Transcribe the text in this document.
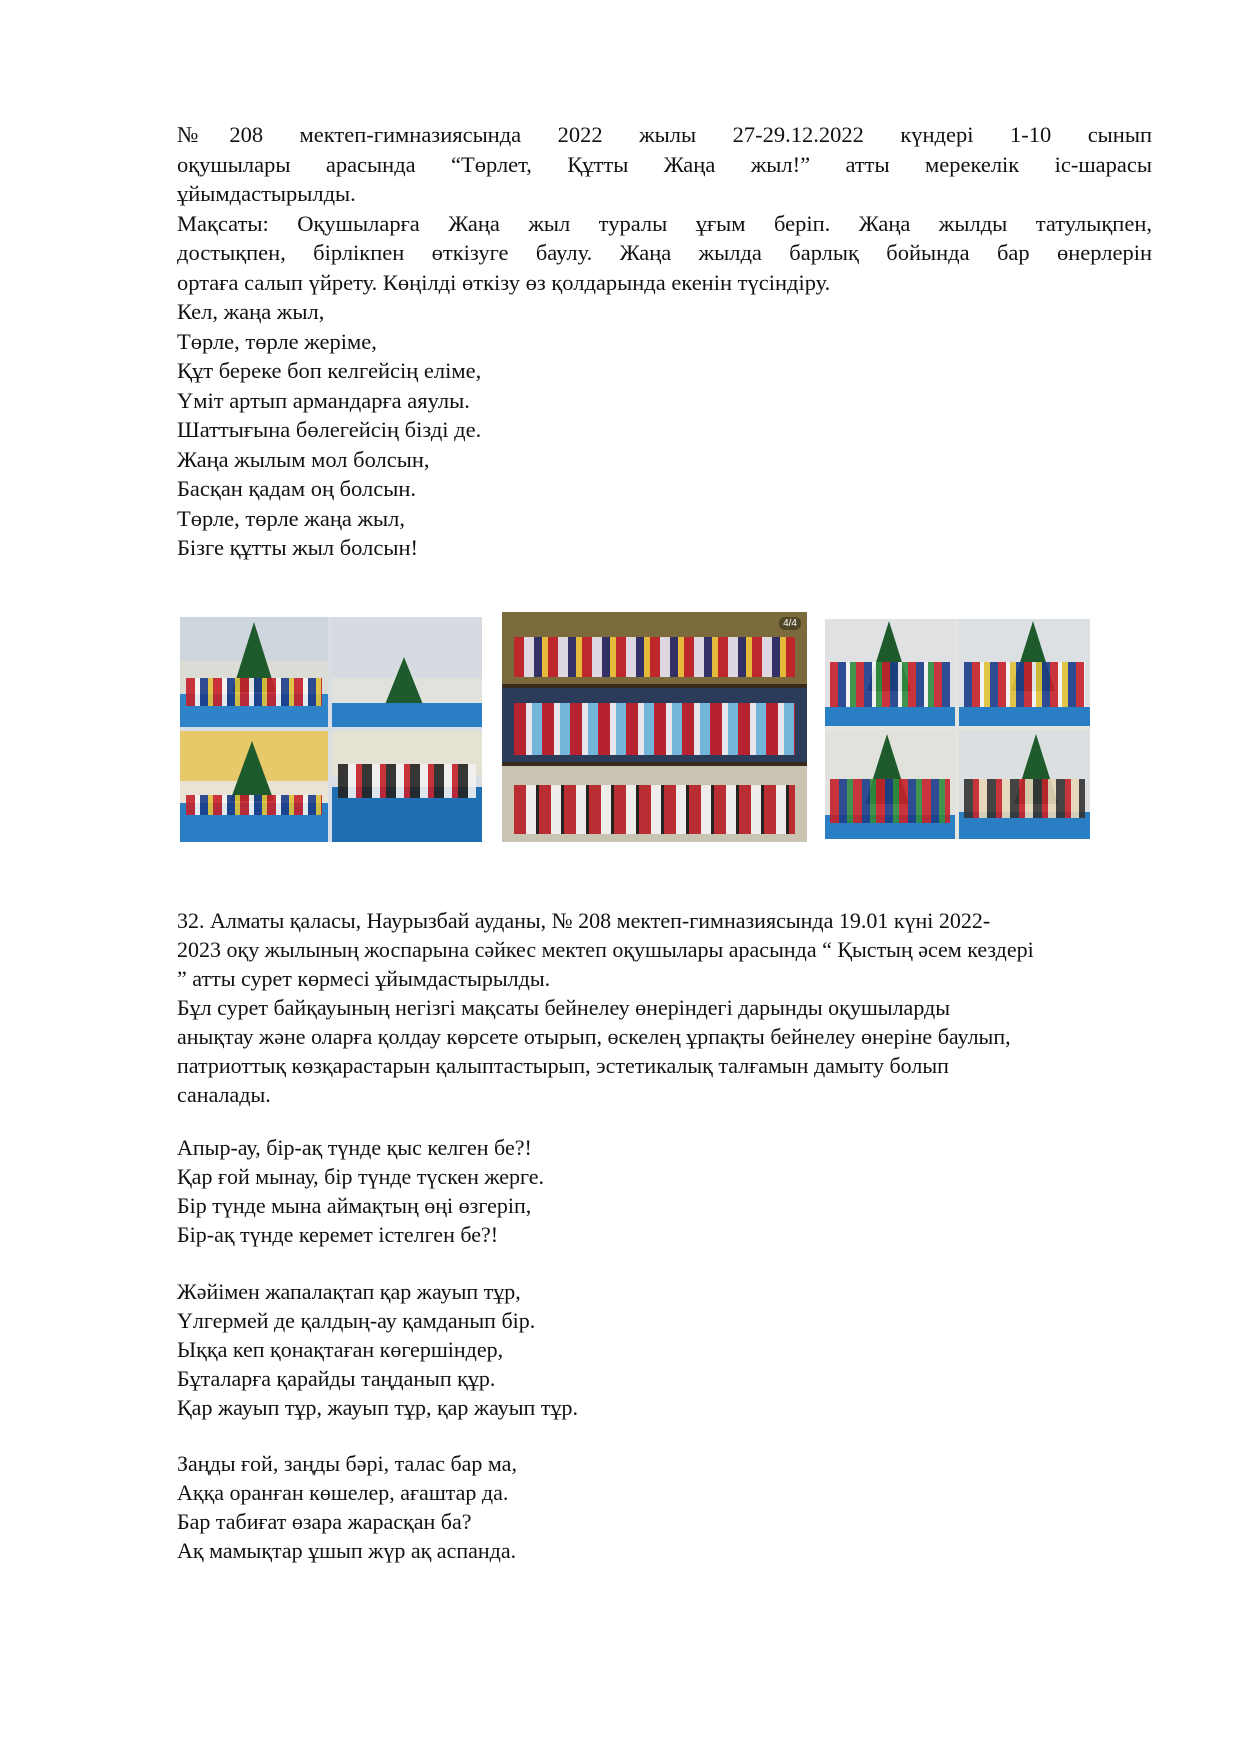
№208 мектеп-гимназиясында 2022 жылы 27-29.12.2022 күндері 1-10 сынып
оқушылары арасында “Төрлет, Құтты Жаңа жыл!” атты мерекелік іс-шарасы
ұйымдастырылды.
Мақсаты: Оқушыларға Жаңа жыл туралы ұғым беріп. Жаңа жылды татулықпен,
достықпен, бірлікпен өткізуге баулу. Жаңа жылда барлық бойында бар өнерлерін
ортаға салып үйрету. Көңілді өткізу өз қолдарында екенін түсіндіру.
Кел, жаңа жыл,
Төрле, төрле жеріме,
Құт береке боп келгейсің еліме,
Үміт артып армандарға аяулы.
Шаттығына бөлегейсің бізді де.
Жаңа жылым мол болсын,
Басқан қадам оң болсын.
Төрле, төрле жаңа жыл,
Бізге құтты жыл болсын!
4/4
32. Алматы қаласы, Наурызбай ауданы, № 208 мектеп-гимназиясында 19.01 күні 2022-
2023 оқу жылының жоспарына сәйкес мектеп оқушылары арасында “ Қыстың әсем кездері
” атты сурет көрмесі ұйымдастырылды.
Бұл сурет байқауының негізгі мақсаты бейнелеу өнеріндегі дарынды оқушыларды
анықтау және оларға қолдау көрсете отырып, өскелең ұрпақты бейнелеу өнеріне баулып,
патриоттық көзқарастарын қалыптастырып, эстетикалық талғамын дамыту болып
саналады.
Апыр-ау, бір-ақ түнде қыс келген бе?!
Қар ғой мынау, бір түнде түскен жерге.
Бір түнде мына аймақтың өңі өзгеріп,
Бір-ақ түнде керемет істелген бе?!
Жәйімен жапалақтап қар жауып тұр,
Үлгермей де қалдың-ау қамданып бір.
Ыққа кеп қонақтаған көгершіндер,
Бұталарға қарайды таңданып құр.
Қар жауып тұр, жауып тұр, қар жауып тұр.
Заңды ғой, заңды бәрі, талас бар ма,
Аққа оранған көшелер, ағаштар да.
Бар табиғат өзара жарасқан ба?
Ақ мамықтар ұшып жүр ақ аспанда.
